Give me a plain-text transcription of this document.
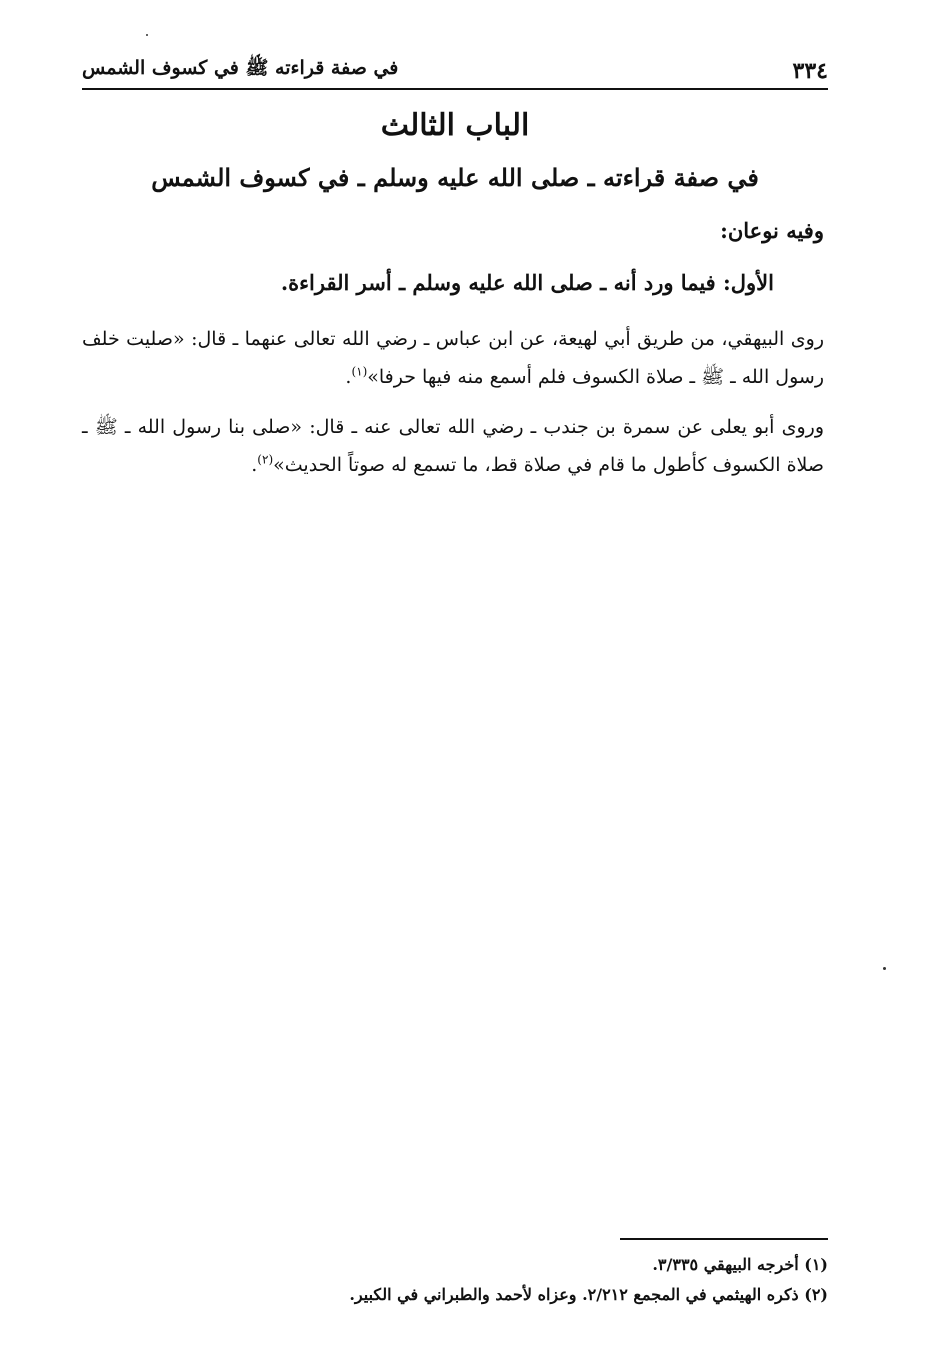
٣٣٤
في صفة قراءته ﷺ في كسوف الشمس
الباب الثالث
في صفة قراءته ـ صلى الله عليه وسلم ـ في كسوف الشمس
وفيه نوعان:
الأول: فيما ورد أنه ـ صلى الله عليه وسلم ـ أسر القراءة.

روى البيهقي، من طريق أبي لهيعة، عن ابن عباس ـ رضي الله تعالى عنهما ـ قال: «صليت خلف رسول الله ـ ﷺ ـ صلاة الكسوف فلم أسمع منه فيها حرفا»$^{(١)}$.

وروى أبو يعلى عن سمرة بن جندب ـ رضي الله تعالى عنه ـ قال: «صلى بنا رسول الله ـ ﷺ ـ صلاة الكسوف كأطول ما قام في صلاة قط، ما تسمع له صوتاً الحديث»$^{(٢)}$.

(١) أخرجه البيهقي ٣/٣٣٥.
(٢) ذكره الهيثمي في المجمع ٢/٢١٢. وعزاه لأحمد والطبراني في الكبير.
